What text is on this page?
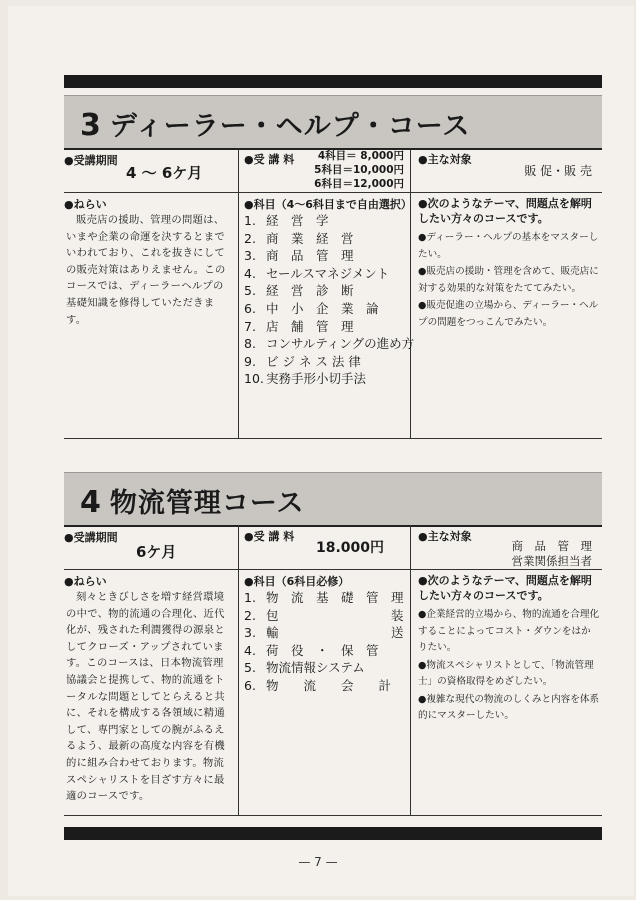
3 ディーラー・ヘルプ・コース
●受講期間
4 ～ 6ケ月
●受 講 料	4科目＝ 8,000円
5科目＝10,000円
6科目＝12,000円
●主な対象
販 促・販 売
●ねらい
販売店の援助、管理の問題は、いまや企業の命運を決するとまでいわれており、これを抜きにしての販売対策はありえません。このコースでは、ディーラーヘルプの基礎知識を修得していただきます。
●科目（4～6科目まで自由選択）
1. 経　営　学
2. 商　業　経　営
3. 商　品　管　理
4. セールスマネジメント
5. 経　営　診　断
6. 中　小　企　業　論
7. 店　舗　管　理
8. コンサルティングの進め方
9. ビ ジ ネ ス 法 律
10. 実務手形小切手法
●次のようなテーマ、問題点を解明したい方々のコースです。
●ディーラー・ヘルプの基本をマスターしたい。
●販売店の援助・管理を含めて、販売店に対する効果的な対策をたててみたい。
●販売促進の立場から、ディーラー・ヘルプの問題をつっこんでみたい。
4 物流管理コース
●受講期間
6ケ月
●受 講 料
18.000円
●主な対象
商　品　管　理
営業関係担当者
●ねらい
刻々ときびしさを増す経営環境の中で、物的流通の合理化、近代化が、残された利潤獲得の源泉としてクローズ・アップされています。このコースは、日本物流管理協議会と提携して、物的流通をトータルな問題としてとらえると共に、それを構成する各領域に精通して、専門家としての腕がふるえるよう、最新の高度な内容を有機的に組み合わせております。物流スペシャリストを目ざす方々に最適のコースです。
●科目（6科目必修）
1. 物　流　基　礎　管　理
2. 包　　　　　　　　　装
3. 輸　　　　　　　　　送
4. 荷　役　・　保　管
5. 物流情報システム
6. 物　　流　　会　　計
●次のようなテーマ、問題点を解明したい方々のコースです。
●企業経営的立場から、物的流通を合理化することによってコスト・ダウンをはかりたい。
●物流スペシャリストとして、「物流管理士」の資格取得をめざしたい。
●複雑な現代の物流のしくみと内容を体系的にマスターしたい。
— 7 —
